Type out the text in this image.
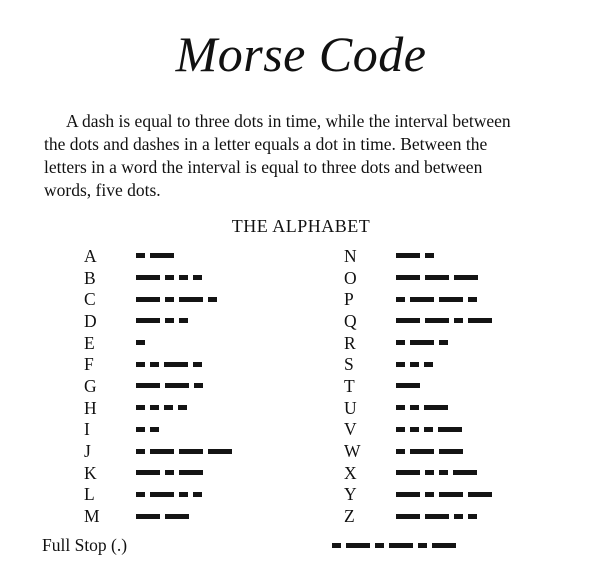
Morse Code
A dash is equal to three dots in time, while the interval between
the dots and dashes in a letter equals a dot in time. Between the
letters in a word the interval is equal to three dots and between
words, five dots.
THE ALPHABET
A
B
C
D
E
F
G
H
I
J
K
L
M
N
O
P
Q
R
S
T
U
V
W
X
Y
Z
Full Stop (.)
